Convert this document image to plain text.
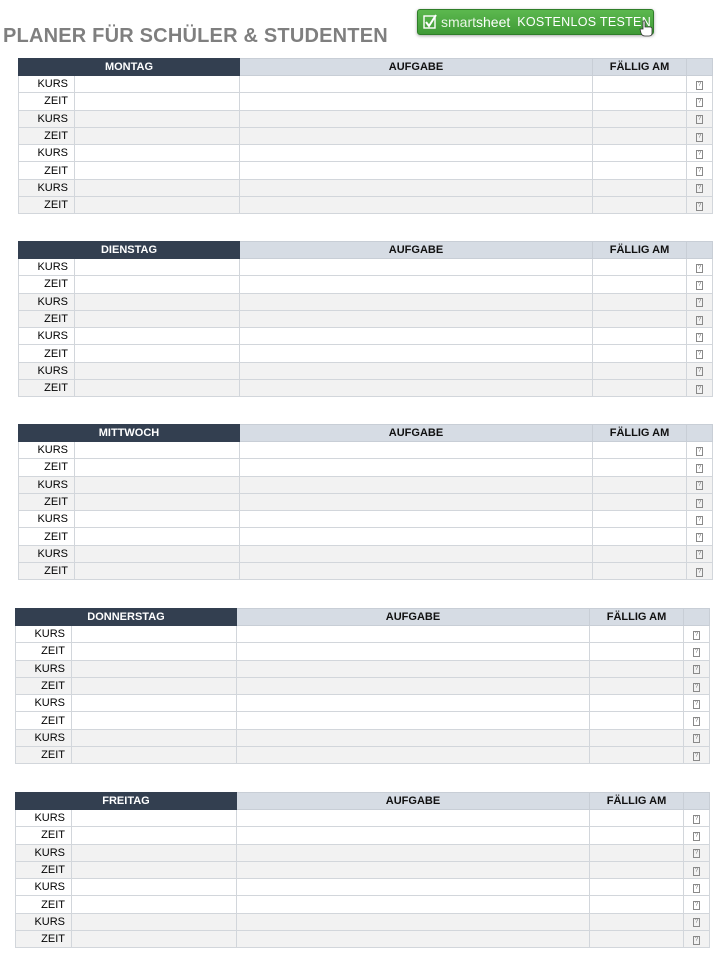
PLANER FÜR SCHÜLER & STUDENTEN
smartsheet KOSTENLOS TESTEN
MONTAG		AUFGABE	FÄLLIG AM	
KURS				?
ZEIT				?
KURS				?
ZEIT				?
KURS				?
ZEIT				?
KURS				?
ZEIT				?
DIENSTAG		AUFGABE	FÄLLIG AM	
KURS				?
ZEIT				?
KURS				?
ZEIT				?
KURS				?
ZEIT				?
KURS				?
ZEIT				?
MITTWOCH		AUFGABE	FÄLLIG AM	
KURS				?
ZEIT				?
KURS				?
ZEIT				?
KURS				?
ZEIT				?
KURS				?
ZEIT				?
DONNERSTAG		AUFGABE	FÄLLIG AM	
KURS				?
ZEIT				?
KURS				?
ZEIT				?
KURS				?
ZEIT				?
KURS				?
ZEIT				?
FREITAG		AUFGABE	FÄLLIG AM	
KURS				?
ZEIT				?
KURS				?
ZEIT				?
KURS				?
ZEIT				?
KURS				?
ZEIT				?
